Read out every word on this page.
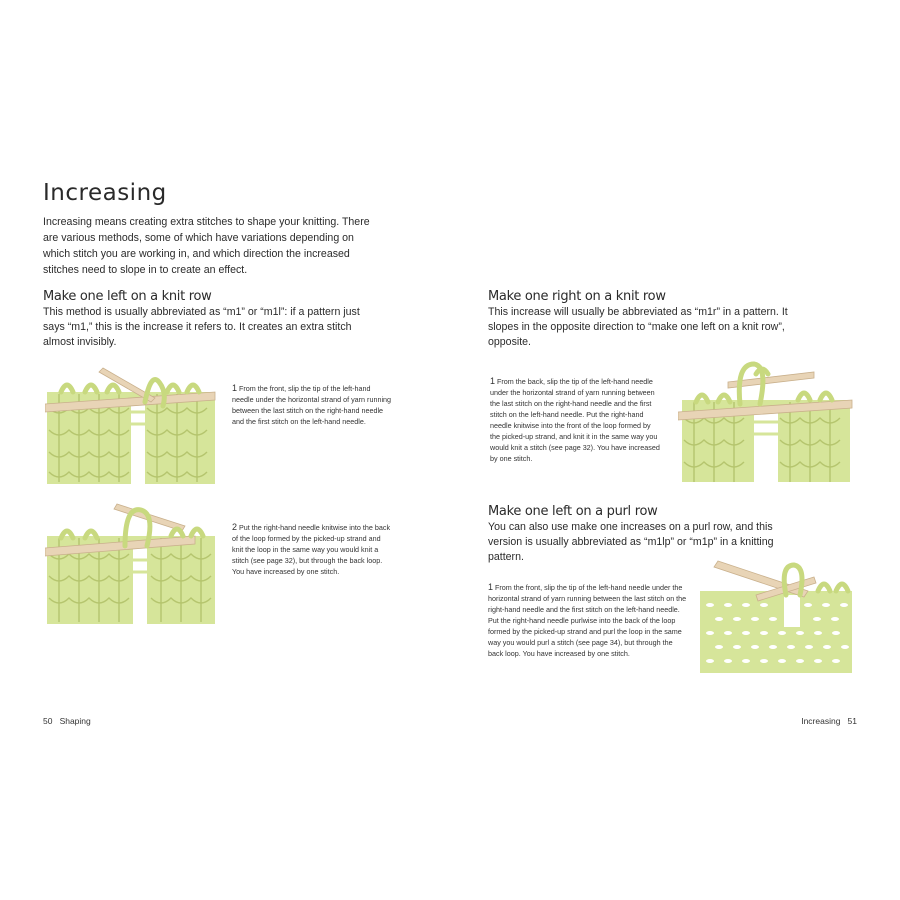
Increasing

Increasing means creating extra stitches to shape your knitting. There are various methods, some of which have variations depending on which stitch you are working in, and which direction the increased stitches need to slope in to create an effect.

Make one left on a knit row

This method is usually abbreviated as “m1” or “m1l”: if a pattern just says “m1,” this is the increase it refers to. It creates an extra stitch almost invisibly.

1 From the front, slip the tip of the left-hand needle under the horizontal strand of yarn running between the last stitch on the right-hand needle and the first stitch on the left-hand needle.
2 Put the right-hand needle knitwise into the back of the loop formed by the picked-up strand and knit the loop in the same way you would knit a stitch (see page 32), but through the back loop. You have increased by one stitch.
50 Shaping
Make one right on a knit row

This increase will usually be abbreviated as “m1r” in a pattern. It slopes in the opposite direction to “make one left on a knit row”, opposite.

1 From the back, slip the tip of the left-hand needle under the horizontal strand of yarn running between the last stitch on the right-hand needle and the first stitch on the left-hand needle. Put the right-hand needle knitwise into the front of the loop formed by the picked-up strand, and knit it in the same way you would knit a stitch (see page 32). You have increased by one stitch.
Make one left on a purl row

You can also use make one increases on a purl row, and this version is usually abbreviated as “m1lp” or “m1p” in a knitting pattern.

1 From the front, slip the tip of the left-hand needle under the horizontal strand of yarn running between the last stitch on the right-hand needle and the first stitch on the left-hand needle. Put the right-hand needle purlwise into the back of the loop formed by the picked-up strand and purl the loop in the same way you would purl a stitch (see page 34), but through the back loop. You have increased by one stitch.
Increasing 51
